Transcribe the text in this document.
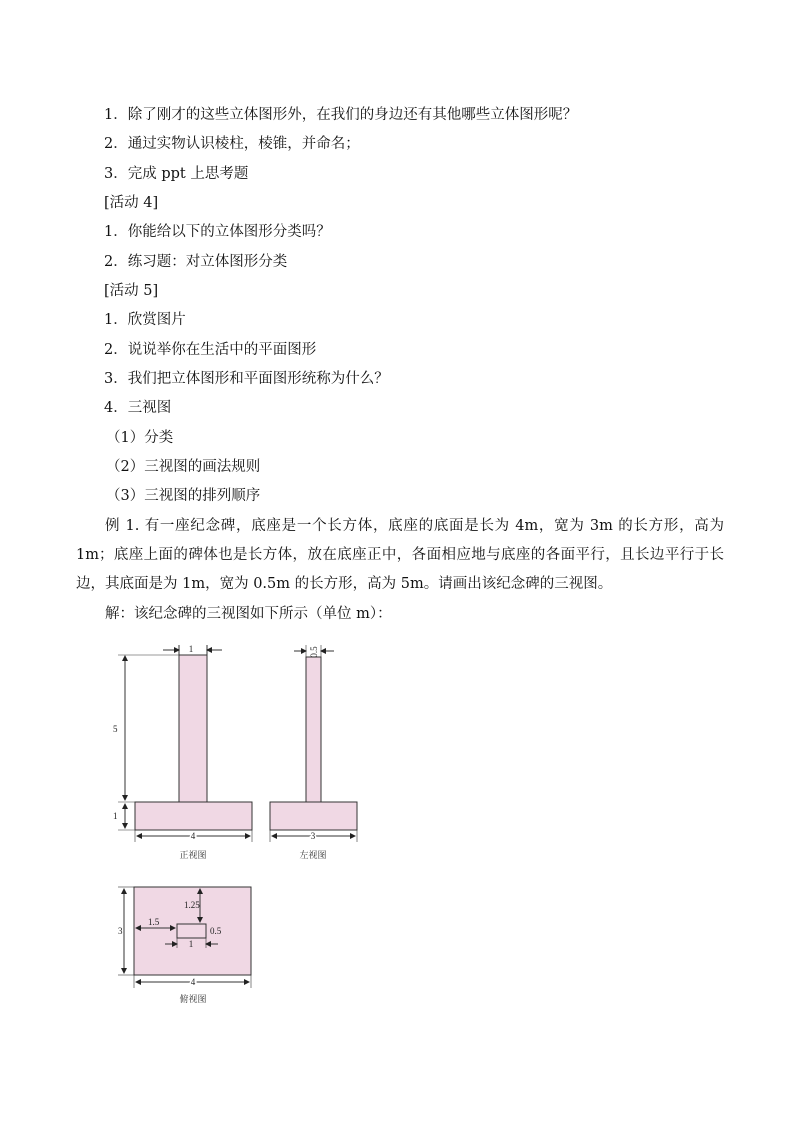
1．除了刚才的这些立体图形外，在我们的身边还有其他哪些立体图形呢？
2．通过实物认识棱柱，棱锥，并命名；
3．完成 ppt 上思考题
[活动 4]
1．你能给以下的立体图形分类吗？
2．练习题：对立体图形分类
[活动 5]
1．欣赏图片
2．说说举你在生活中的平面图形
3．我们把立体图形和平面图形统称为什么？
4．三视图
（1）分类
（2）三视图的画法规则
（3）三视图的排列顺序
例 1. 有一座纪念碑，底座是一个长方体，底座的底面是长为 4m，宽为 3m 的长方形，高为 1m；底座上面的碑体也是长方体，放在底座正中，各面相应地与底座的各面平行，且长边平行于长边，其底面是为 1m，宽为 0.5m 的长方形，高为 5m。请画出该纪念碑的三视图。
解：该纪念碑的三视图如下所示（单位 m）：
1
5
1
4
正视图
0.5
3
左视图
1.25
1.5
0.5
1
3
4
俯视图
